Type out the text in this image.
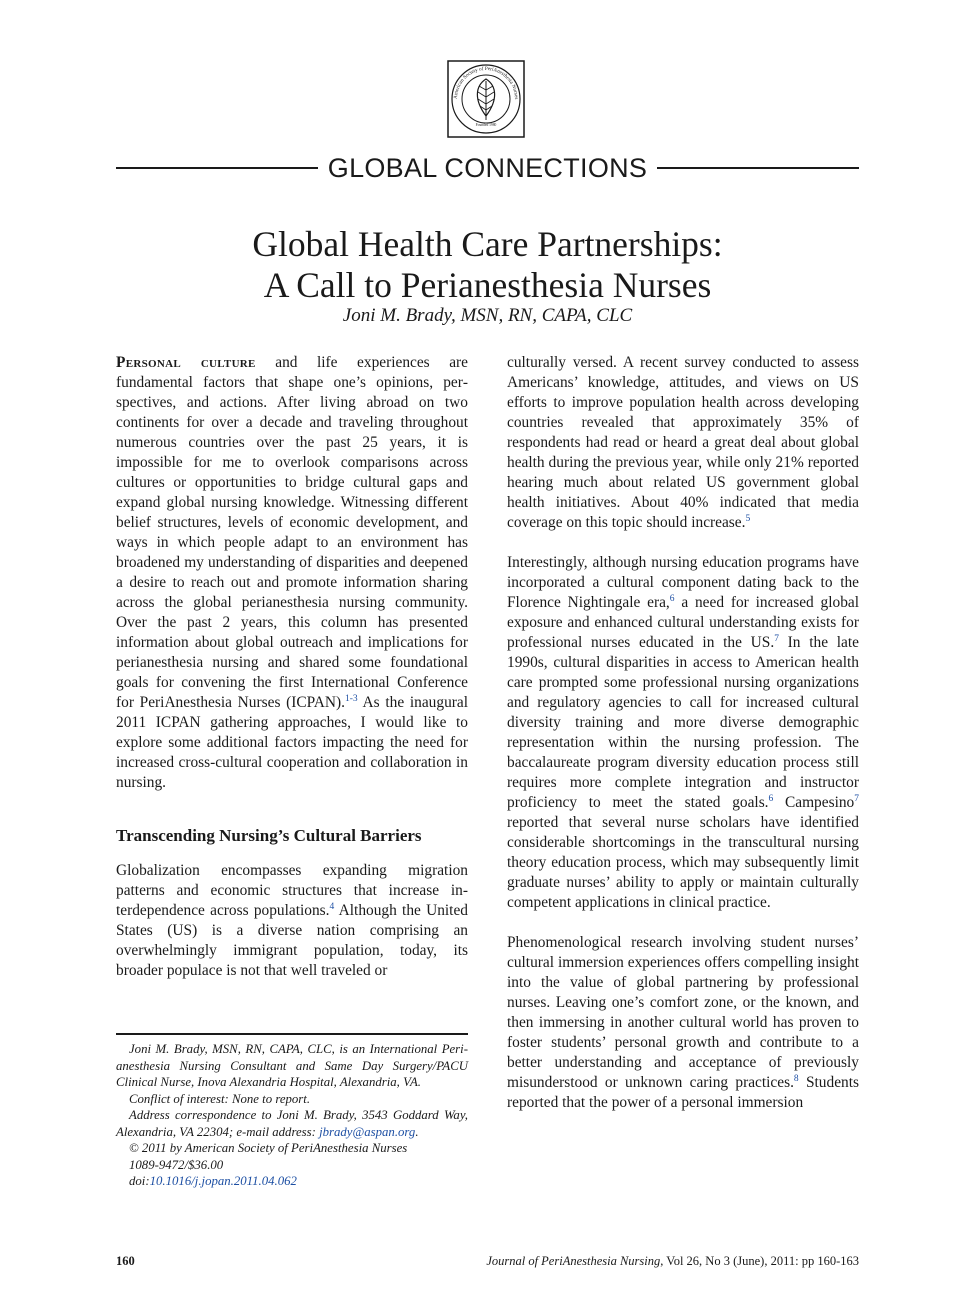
American Society of PeriAnesthesia Nurses
Founded 1980
GLOBAL CONNECTIONS
Global Health Care Partnerships:
A Call to Perianesthesia Nurses
Joni M. Brady, MSN, RN, CAPA, CLC

Personal culture and life experiences are fundamental factors that shape one’s opinions, perspectives, and actions. After living abroad on two continents for over a decade and traveling throughout numerous countries over the past 25 years, it is impossible for me to overlook comparisons across cultures or opportunities to bridge cultural gaps and expand global nursing knowledge. Witnessing different belief structures, levels of economic development, and ways in which people adapt to an environment has broadened my understanding of disparities and deepened a desire to reach out and promote information sharing across the global perianesthesia nursing community. Over the past 2 years, this column has presented information about global outreach and implications for perianesthesia nursing and shared some foundational goals for convening the first International Conference for PeriAnesthesia Nurses (ICPAN).$^{1-3}$ As the inaugural 2011 ICPAN gathering approaches, I would like to explore some additional factors impacting the need for increased cross-cultural cooperation and collaboration in nursing.

Transcending Nursing’s Cultural Barriers

Globalization encompasses expanding migration patterns and economic structures that increase interdependence across populations.$^4$ Although the United States (US) is a diverse nation comprising an overwhelmingly immigrant population, today, its broader populace is not that well traveled or

Joni M. Brady, MSN, RN, CAPA, CLC, is an International Perianesthesia Nursing Consultant and Same Day Surgery/PACU Clinical Nurse, Inova Alexandria Hospital, Alexandria, VA.

Conflict of interest: None to report.

Address correspondence to Joni M. Brady, 3543 Goddard Way, Alexandria, VA 22304; e-mail address: jbrady@aspan.org.

© 2011 by American Society of PeriAnesthesia Nurses

1089-9472/$36.00

doi:10.1016/j.jopan.2011.04.062

culturally versed. A recent survey conducted to assess Americans’ knowledge, attitudes, and views on US efforts to improve population health across developing countries revealed that approximately 35% of respondents had read or heard a great deal about global health during the previous year, while only 21% reported hearing much about related US government global health initiatives. About 40% indicated that media coverage on this topic should increase.$^5$

Interestingly, although nursing education programs have incorporated a cultural component dating back to the Florence Nightingale era,$^6$ a need for increased global exposure and enhanced cultural understanding exists for professional nurses educated in the US.$^7$ In the late 1990s, cultural disparities in access to American health care prompted some professional nursing organizations and regulatory agencies to call for increased cultural diversity training and more diverse demographic representation within the nursing profession. The baccalaureate program diversity education process still requires more complete integration and instructor proficiency to meet the stated goals.$^6$ Campesino$^7$ reported that several nurse scholars have identified considerable shortcomings in the transcultural nursing theory education process, which may subsequently limit graduate nurses’ ability to apply or maintain culturally competent applications in clinical practice.

Phenomenological research involving student nurses’ cultural immersion experiences offers compelling insight into the value of global partnering by professional nurses. Leaving one’s comfort zone, or the known, and then immersing in another cultural world has proven to foster students’ personal growth and contribute to a better understanding and acceptance of previously misunderstood or unknown caring practices.$^8$ Students reported that the power of a personal immersion

160	Journal of PeriAnesthesia Nursing, Vol 26, No 3 (June), 2011: pp 160-163
